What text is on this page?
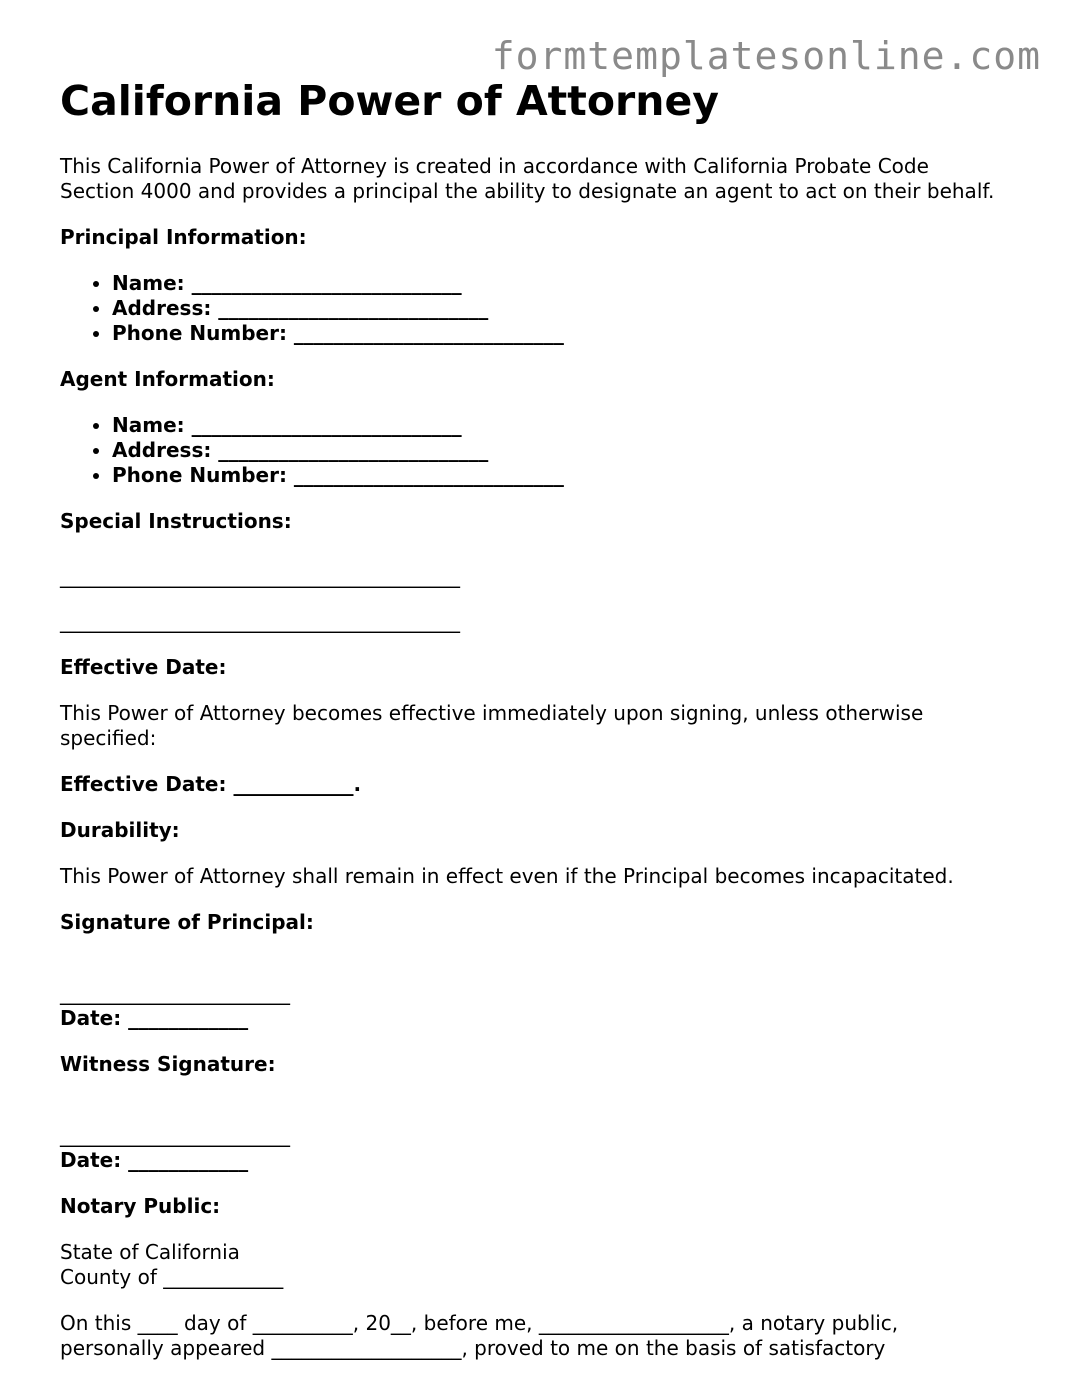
formtemplatesonline.com
California Power of Attorney

This California Power of Attorney is created in accordance with California Probate Code Section 4000 and provides a principal the ability to designate an agent to act on their behalf.

Principal Information:

• Name: ___________________________
• Address: ___________________________
• Phone Number: ___________________________

Agent Information:

• Name: ___________________________
• Address: ___________________________
• Phone Number: ___________________________

Special Instructions:

________________________________________

________________________________________

Effective Date:

This Power of Attorney becomes effective immediately upon signing, unless otherwise specified:

Effective Date: ____________.

Durability:

This Power of Attorney shall remain in effect even if the Principal becomes incapacitated.

Signature of Principal:

_______________________

Date: ____________

Witness Signature:

_______________________

Date: ____________

Notary Public:

State of California

County of ____________

On this ____ day of __________, 20__, before me, ___________________, a notary public,

personally appeared ___________________, proved to me on the basis of satisfactory
